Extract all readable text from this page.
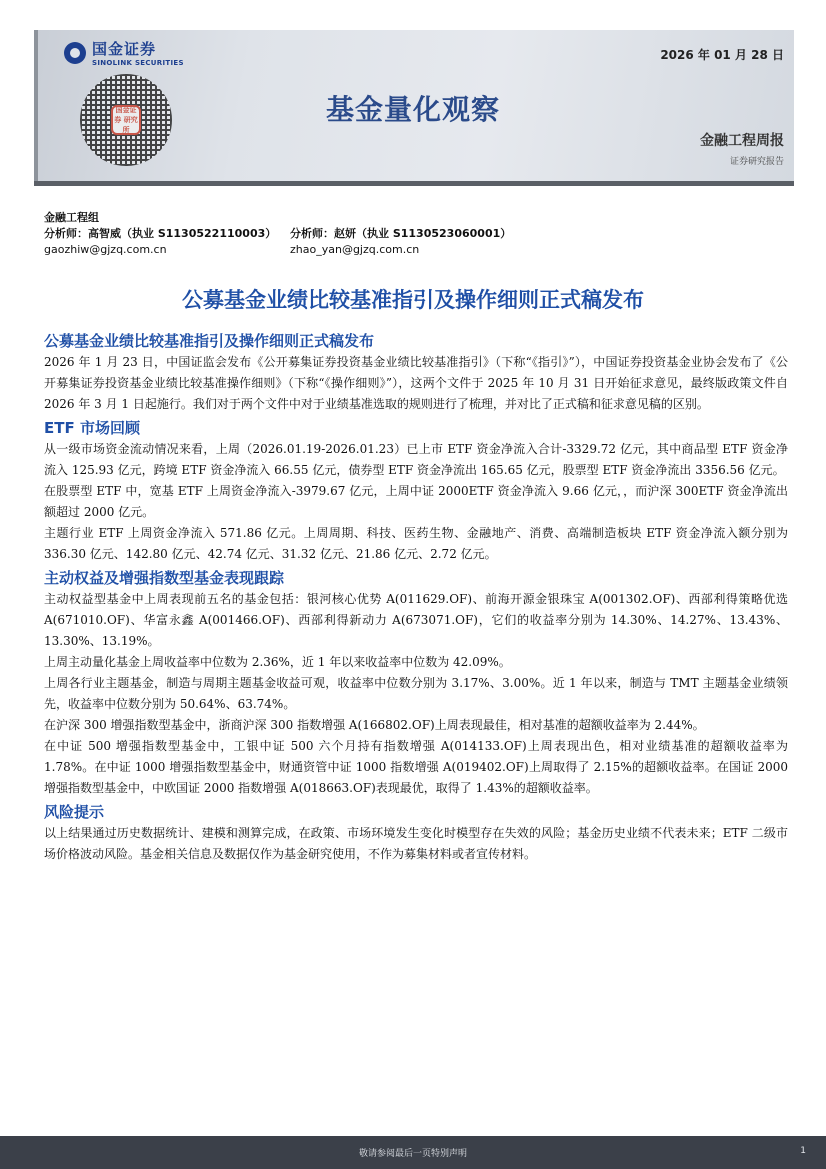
国金证券
SINOLINK SECURITIES
国金证券 研究所
2026 年 01 月 28 日
基金量化观察
金融工程周报
证券研究报告
金融工程组
分析师：高智威（执业 S1130522110003）	分析师：赵妍（执业 S1130523060001）
gaozhiw@gjzq.com.cn	zhao_yan@gjzq.com.cn
公募基金业绩比较基准指引及操作细则正式稿发布
公募基金业绩比较基准指引及操作细则正式稿发布

2026 年 1 月 23 日，中国证监会发布《公开募集证券投资基金业绩比较基准指引》（下称“《指引》”），中国证券投资基金业协会发布了《公开募集证券投资基金业绩比较基准操作细则》（下称“《操作细则》”），这两个文件于 2025 年 10 月 31 日开始征求意见，最终版政策文件自 2026 年 3 月 1 日起施行。我们对于两个文件中对于业绩基准选取的规则进行了梳理，并对比了正式稿和征求意见稿的区别。

ETF 市场回顾

从一级市场资金流动情况来看，上周（2026.01.19-2026.01.23）已上市 ETF 资金净流入合计-3329.72 亿元，其中商品型 ETF 资金净流入 125.93 亿元，跨境 ETF 资金净流入 66.55 亿元，债券型 ETF 资金净流出 165.65 亿元，股票型 ETF 资金净流出 3356.56 亿元。

在股票型 ETF 中，宽基 ETF 上周资金净流入-3979.67 亿元，上周中证 2000ETF 资金净流入 9.66 亿元，，而沪深 300ETF 资金净流出额超过 2000 亿元。

主题行业 ETF 上周资金净流入 571.86 亿元。上周周期、科技、医药生物、金融地产、消费、高端制造板块 ETF 资金净流入额分别为 336.30 亿元、142.80 亿元、42.74 亿元、31.32 亿元、21.86 亿元、2.72 亿元。

主动权益及增强指数型基金表现跟踪

主动权益型基金中上周表现前五名的基金包括：银河核心优势 A(011629.OF)、前海开源金银珠宝 A(001302.OF)、西部利得策略优选 A(671010.OF)、华富永鑫 A(001466.OF)、西部利得新动力 A(673071.OF)，它们的收益率分别为 14.30%、14.27%、13.43%、13.30%、13.19%。

上周主动量化基金上周收益率中位数为 2.36%，近 1 年以来收益率中位数为 42.09%。

上周各行业主题基金，制造与周期主题基金收益可观，收益率中位数分别为 3.17%、3.00%。近 1 年以来，制造与 TMT 主题基金业绩领先，收益率中位数分别为 50.64%、63.74%。

在沪深 300 增强指数型基金中，浙商沪深 300 指数增强 A(166802.OF)上周表现最佳，相对基准的超额收益率为 2.44%。

在中证 500 增强指数型基金中，工银中证 500 六个月持有指数增强 A(014133.OF)上周表现出色，相对业绩基准的超额收益率为 1.78%。在中证 1000 增强指数型基金中，财通资管中证 1000 指数增强 A(019402.OF)上周取得了 2.15%的超额收益率。在国证 2000 增强指数型基金中，中欧国证 2000 指数增强 A(018663.OF)表现最优，取得了 1.43%的超额收益率。

风险提示

以上结果通过历史数据统计、建模和测算完成，在政策、市场环境发生变化时模型存在失效的风险；基金历史业绩不代表未来；ETF 二级市场价格波动风险。基金相关信息及数据仅作为基金研究使用，不作为募集材料或者宣传材料。

敬请参阅最后一页特别声明	1
